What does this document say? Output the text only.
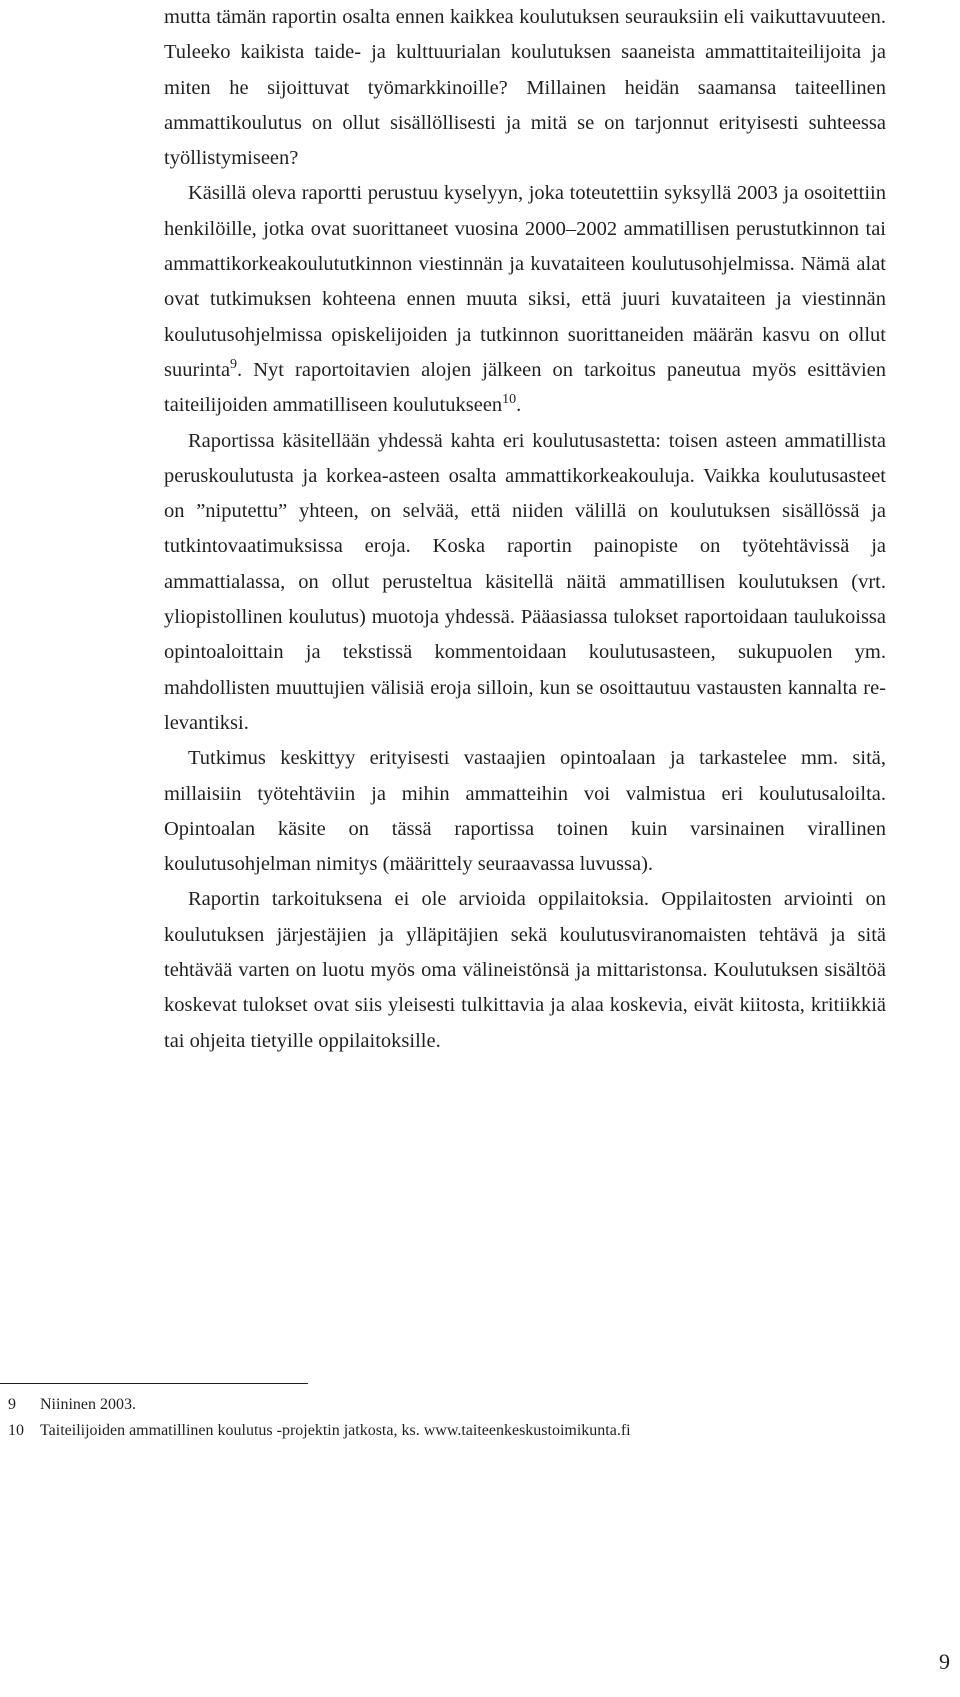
mutta tämän raportin osalta ennen kaikkea koulutuksen seurauksiin eli vaikuttavuuteen. Tuleeko kaikista taide- ja kulttuurialan koulutuksen saaneista ammattitaiteilijoita ja miten he sijoittuvat työmarkkinoille? Millainen heidän saamansa taiteellinen ammattikoulutus on ollut sisällöllisesti ja mitä se on tarjonnut erityisesti suhteessa työllistymiseen?

Käsillä oleva raportti perustuu kyselyyn, joka toteutettiin syksyllä 2003 ja osoitettiin henkilöille, jotka ovat suorittaneet vuosina 2000–2002 ammatillisen perustutkinnon tai ammattikorkeakoulututkinnon viestinnän ja kuvataiteen koulutusohjelmissa. Nämä alat ovat tutkimuksen kohteena ennen muuta siksi, että juuri kuvataiteen ja viestinnän koulutusohjelmissa opiskelijoiden ja tutkinnon suorittaneiden määrän kasvu on ollut suurinta$^9$. Nyt raportoitavien alojen jälkeen on tarkoitus paneutua myös esittävien taiteilijoiden ammatilliseen koulutukseen$^{10}$.

Raportissa käsitellään yhdessä kahta eri koulutusastetta: toisen asteen ammatillista peruskoulutusta ja korkea-asteen osalta ammattikorkeakouluja. Vaikka koulutusasteet on ”niputettu” yhteen, on selvää, että niiden välillä on koulutuksen sisällössä ja tutkintovaatimuksissa eroja. Koska raportin painopiste on työtehtävissä ja ammattialassa, on ollut perusteltua käsitellä näitä ammatillisen koulutuksen (vrt. yliopistollinen koulutus) muotoja yhdessä. Pääasiassa tulokset raportoidaan taulukoissa opintoaloittain ja tekstissä kommentoidaan koulutusasteen, sukupuolen ym. mahdollisten muuttujien välisiä eroja silloin, kun se osoittautuu vastausten kannalta relevantiksi.

Tutkimus keskittyy erityisesti vastaajien opintoalaan ja tarkastelee mm. sitä, millaisiin työtehtäviin ja mihin ammatteihin voi valmistua eri koulutusaloilta. Opintoalan käsite on tässä raportissa toinen kuin varsinainen virallinen koulutusohjelman nimitys (määrittely seuraavassa luvussa).

Raportin tarkoituksena ei ole arvioida oppilaitoksia. Oppilaitosten arviointi on koulutuksen järjestäjien ja ylläpitäjien sekä koulutusviranomaisten tehtävä ja sitä tehtävää varten on luotu myös oma välineistönsä ja mittaristonsa. Koulutuksen sisältöä koskevat tulokset ovat siis yleisesti tulkittavia ja alaa koskevia, eivät kiitosta, kritiikkiä tai ohjeita tietyille oppilaitoksille.

9	Niininen 2003.
10	Taiteilijoiden ammatillinen koulutus -projektin jatkosta, ks. www.taiteenkeskustoimikunta.fi
9
